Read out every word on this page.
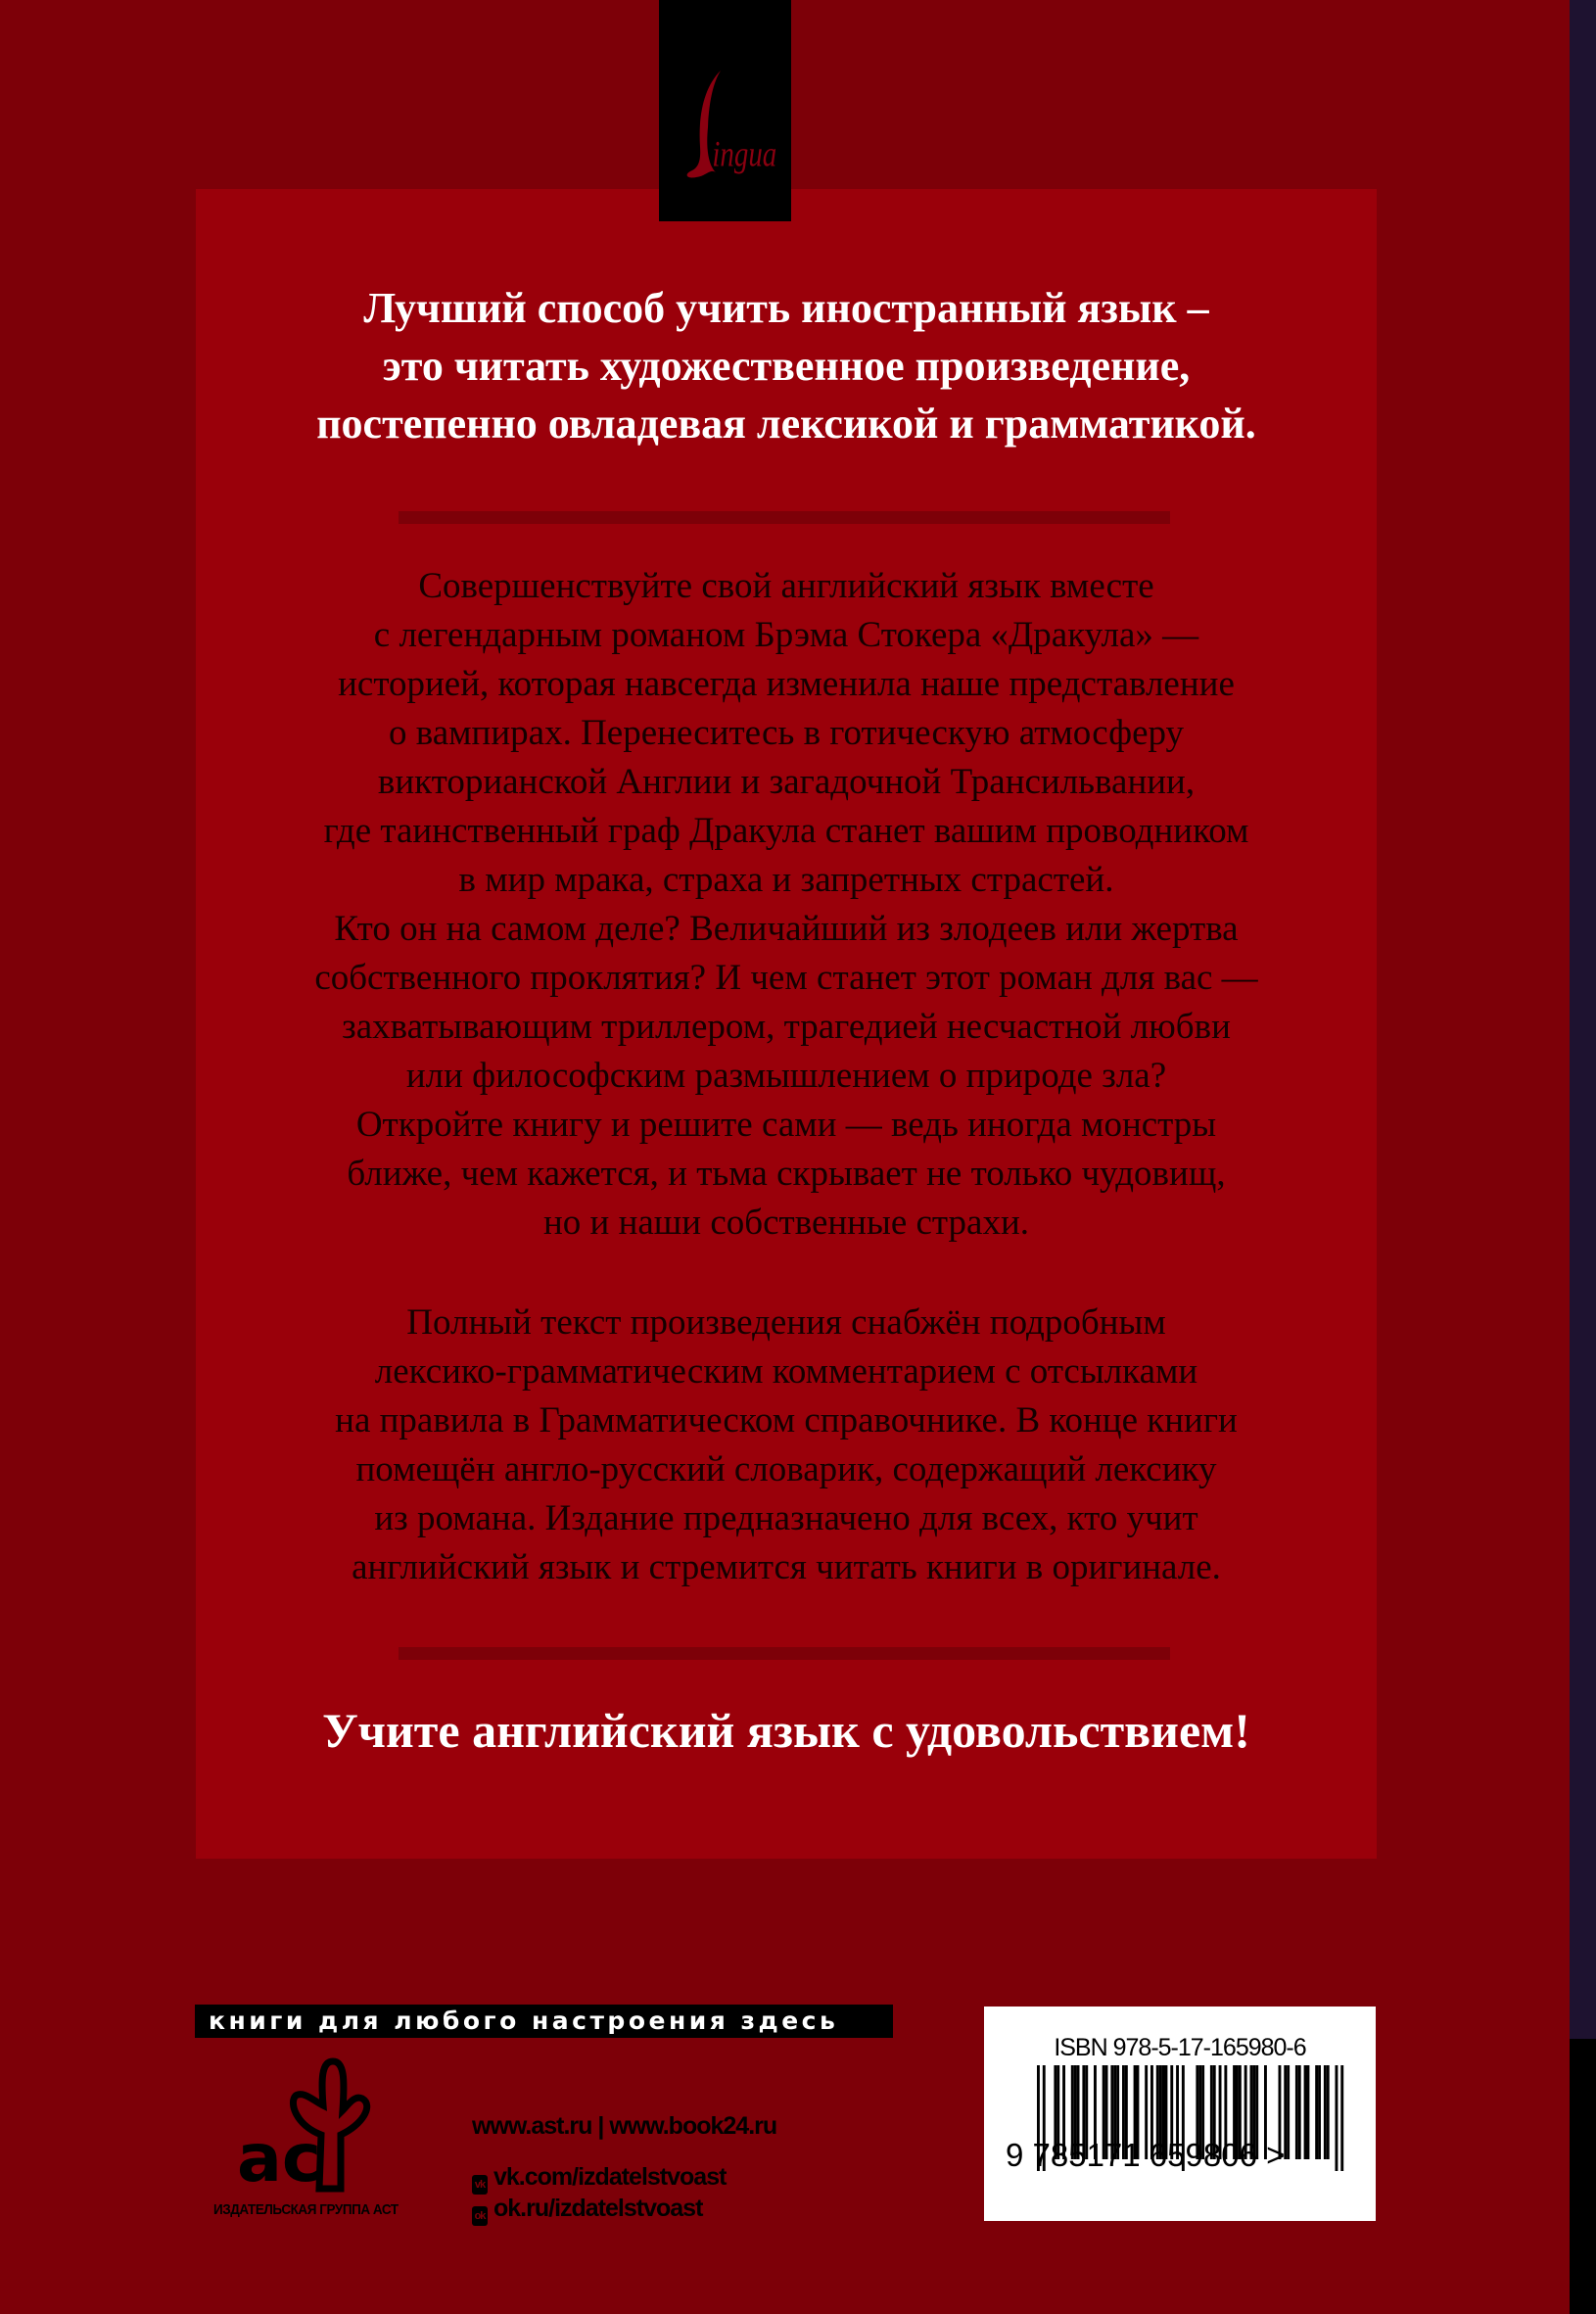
ingua
Лучший способ учить иностранный язык –
это читать художественное произведение,
постепенно овладевая лексикой и грамматикой.
Совершенствуйте свой английский язык вместе
с легендарным романом Брэма Стокера «Дракула» —
историей, которая навсегда изменила наше представление
о вампирах. Перенеситесь в готическую атмосферу
викторианской Англии и загадочной Трансильвании,
где таинственный граф Дракула станет вашим проводником
в мир мрака, страха и запретных страстей.
Кто он на самом деле? Величайший из злодеев или жертва
собственного проклятия? И чем станет этот роман для вас —
захватывающим триллером, трагедией несчастной любви
или философским размышлением о природе зла?
Откройте книгу и решите сами — ведь иногда монстры
ближе, чем кажется, и тьма скрывает не только чудовищ,
но и наши собственные страхи.
Полный текст произведения снабжён подробным
лексико-грамматическим комментарием с отсылками
на правила в Грамматическом справочнике. В конце книги
помещён англо-русский словарик, содержащий лексику
из романа. Издание предназначено для всех, кто учит
английский язык и стремится читать книги в оригинале.
Учите английский язык с удовольствием!
книги для любого настроения здесь
ac
ИЗДАТЕЛЬСКАЯ ГРУППА АСТ
www.ast.ru | www.book24.ru
vk vk.com/izdatelstvoast
ok ok.ru/izdatelstvoast
ISBN 978-5-17-165980-6
9 785171 659806 >
